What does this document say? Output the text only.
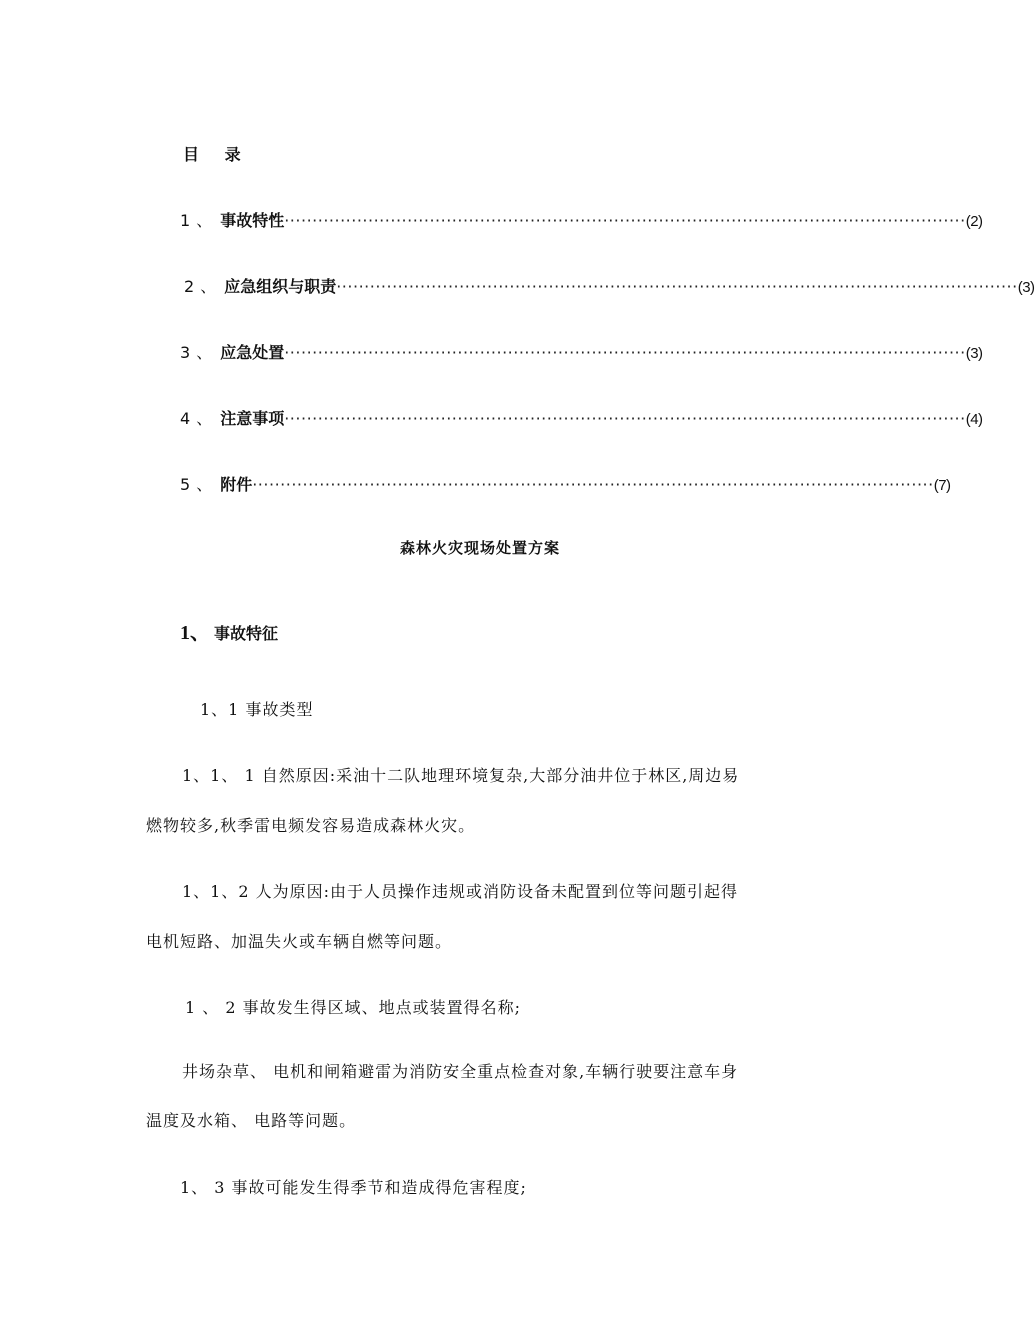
目 录
1 、 事故特性 ·························································································································· (2)
2 、 应急组织与职责 ·························································································································· (3)
3 、 应急处置 ·························································································································· (3)
4 、 注意事项 ·························································································································· (4)
5 、 附件 ·························································································································· (7)
森林火灾现场处置方案
1、 事故特征
1、1 事故类型
1、1、 1 自然原因:采油十二队地理环境复杂,大部分油井位于林区,周边易
燃物较多,秋季雷电频发容易造成森林火灾。
1、1、2 人为原因:由于人员操作违规或消防设备未配置到位等问题引起得
电机短路、加温失火或车辆自燃等问题。
1 、 2 事故发生得区域、地点或装置得名称;
井场杂草、 电机和闸箱避雷为消防安全重点检查对象,车辆行驶要注意车身
温度及水箱、 电路等问题。
1、 3 事故可能发生得季节和造成得危害程度;
